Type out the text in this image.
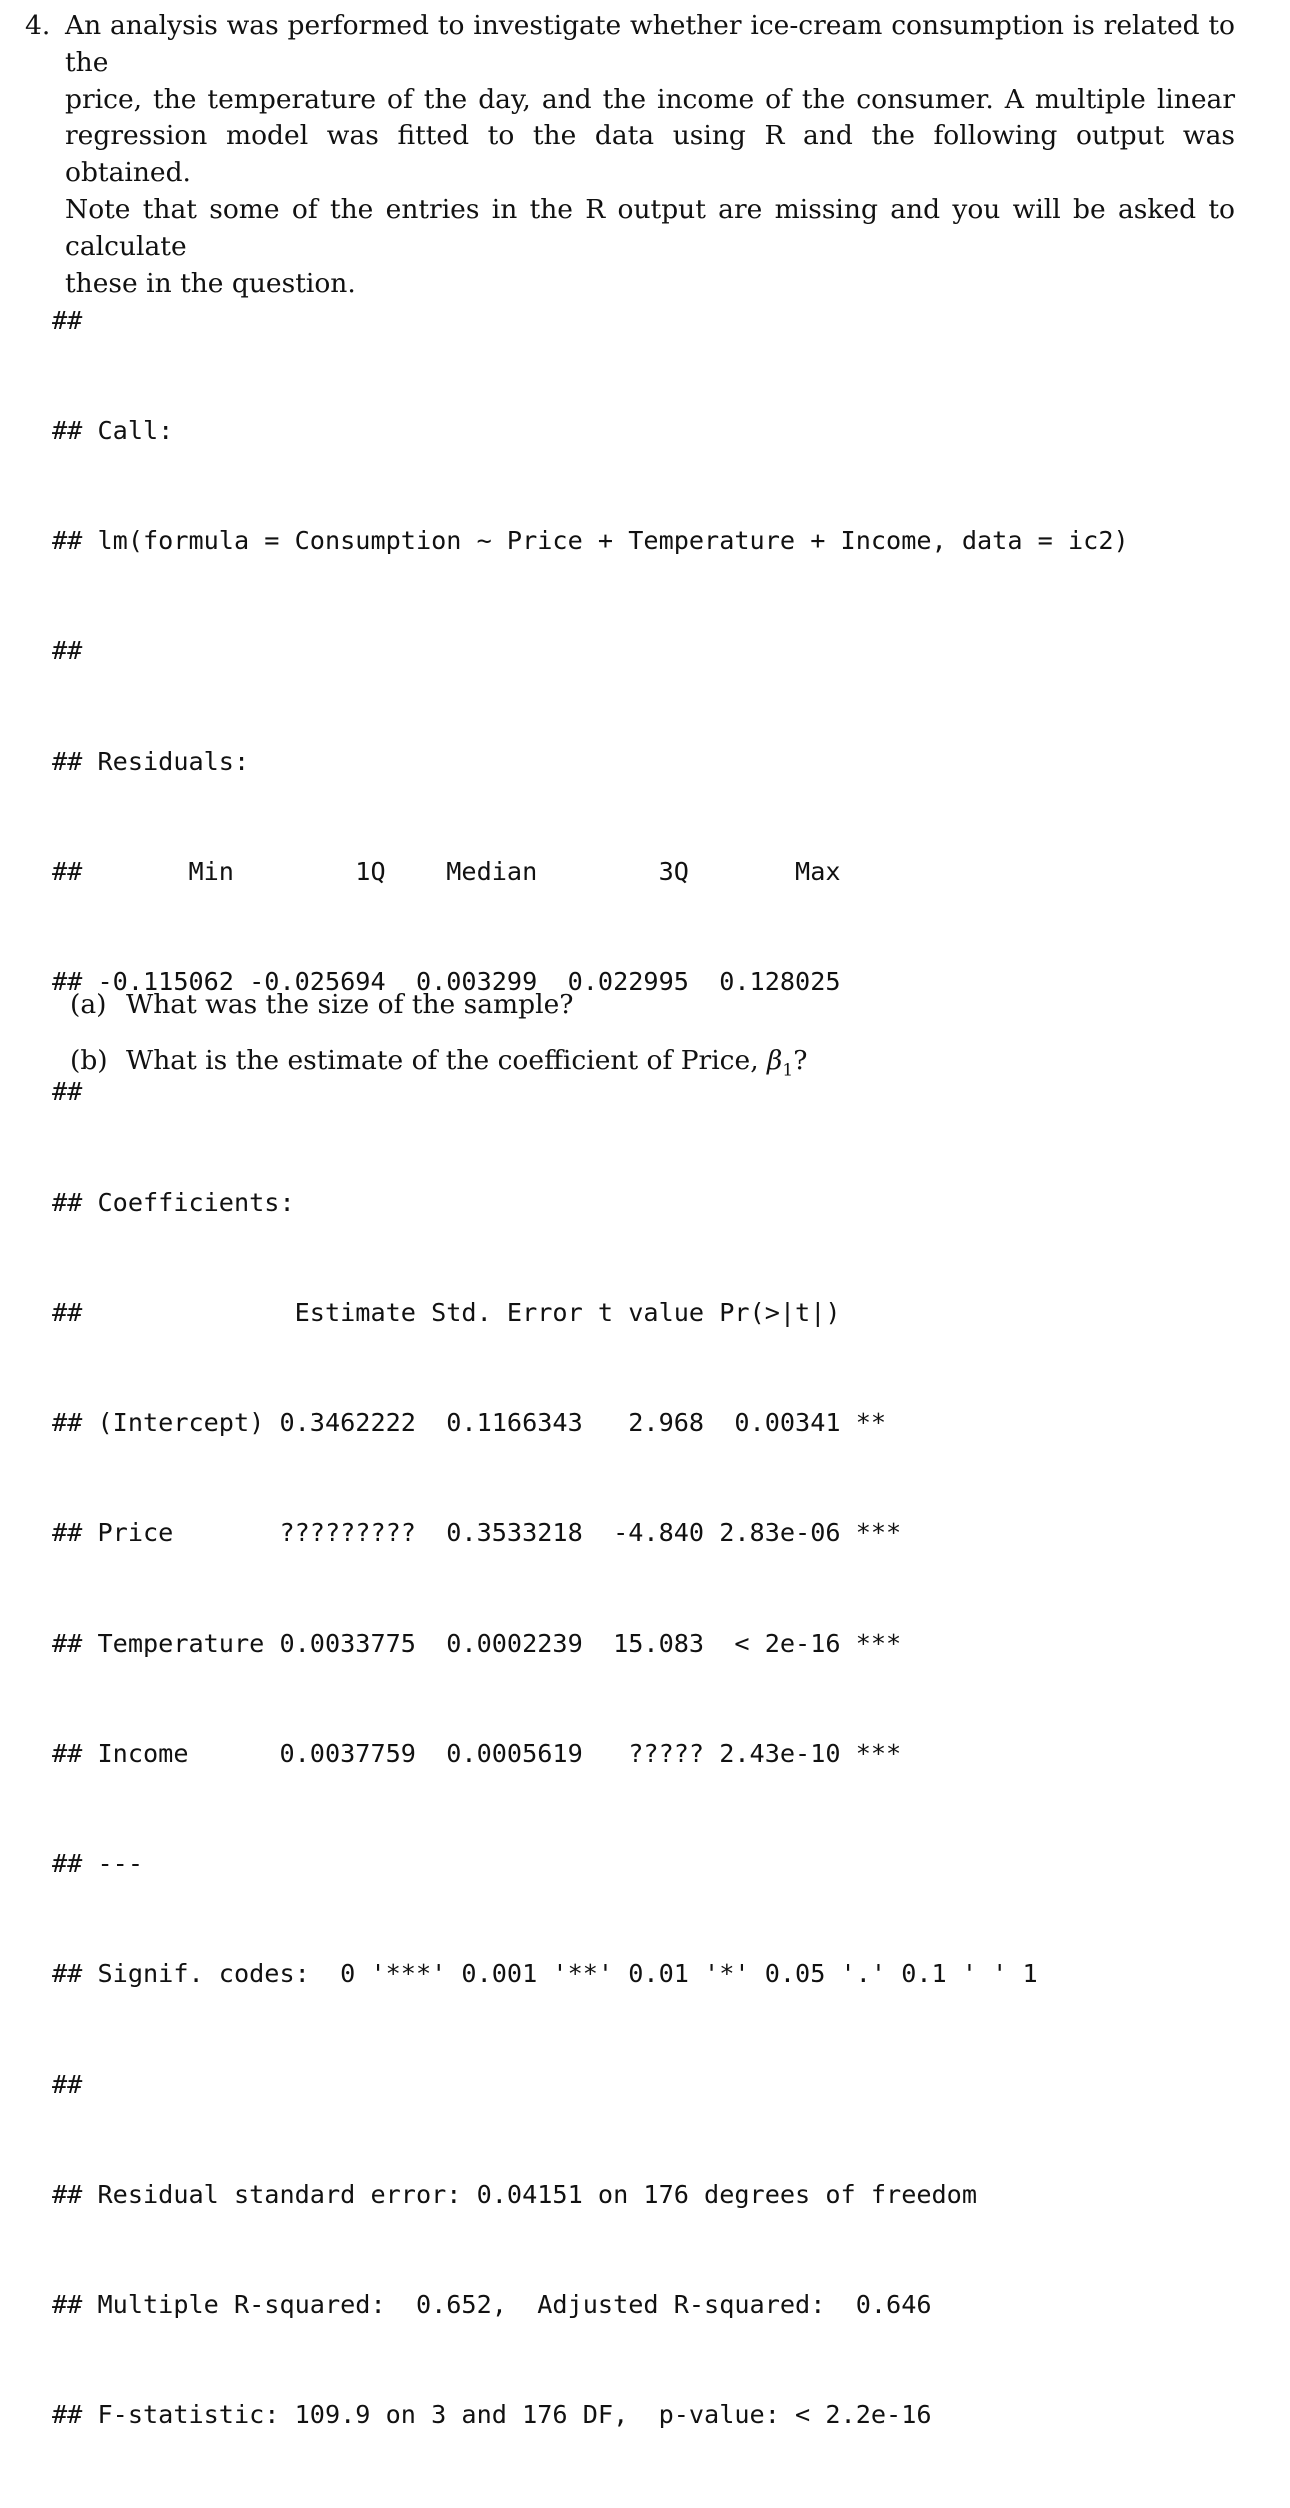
4. An analysis was performed to investigate whether ice-cream consumption is related to the
price, the temperature of the day, and the income of the consumer. A multiple linear
regression model was fitted to the data using R and the following output was obtained.
Note that some of the entries in the R output are missing and you will be asked to calculate
these in the question.

##

## Call:

## lm(formula = Consumption ~ Price + Temperature + Income, data = ic2)

##

## Residuals:

##       Min        1Q    Median        3Q       Max

## -0.115062 -0.025694  0.003299  0.022995  0.128025

##

## Coefficients:

##              Estimate Std. Error t value Pr(>|t|)

## (Intercept) 0.3462222  0.1166343   2.968  0.00341 **

## Price       ?????????  0.3533218  -4.840 2.83e-06 ***

## Temperature 0.0033775  0.0002239  15.083  < 2e-16 ***

## Income      0.0037759  0.0005619   ????? 2.43e-10 ***

## ---

## Signif. codes:  0 '***' 0.001 '**' 0.01 '*' 0.05 '.' 0.1 ' ' 1

##

## Residual standard error: 0.04151 on 176 degrees of freedom

## Multiple R-squared:  0.652,  Adjusted R-squared:  0.646

## F-statistic: 109.9 on 3 and 176 DF,  p-value: < 2.2e-16

(a) What was the size of the sample?
(b) What is the estimate of the coefficient of Price, $\beta_1$?
